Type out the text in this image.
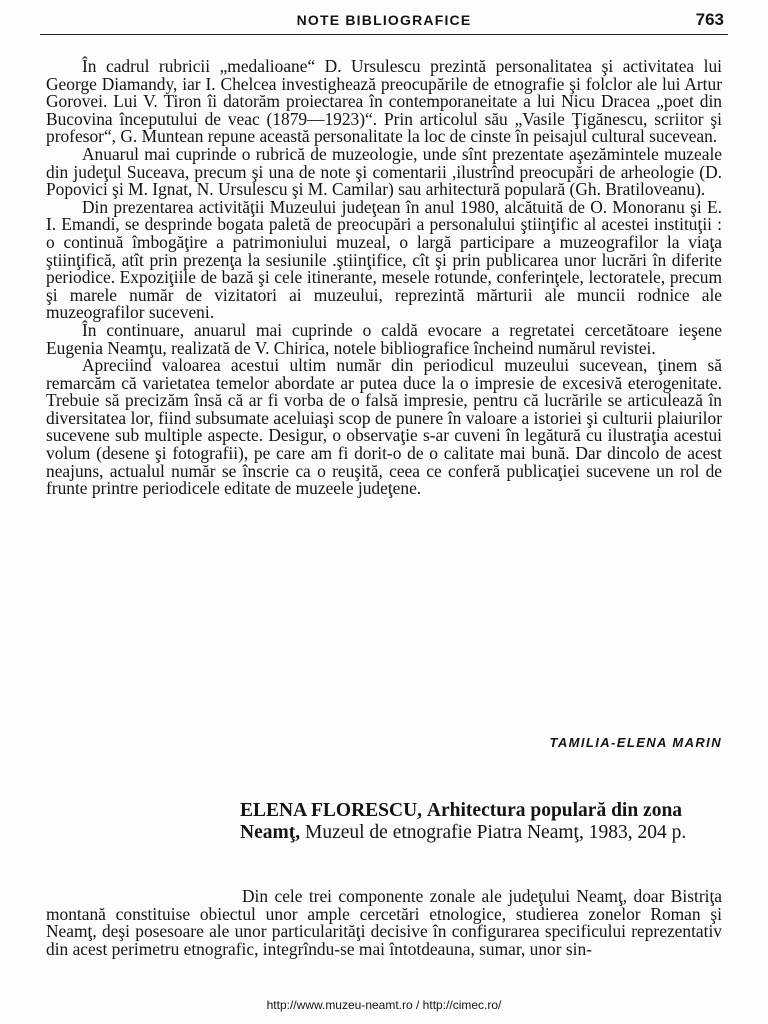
NOTE BIBLIOGRAFICE	763

În cadrul rubricii „medalioane“ D. Ursulescu prezintă personalitatea şi activitatea lui George Diamandy, iar I. Chelcea investighează preocupările de etnografie şi folclor ale lui Artur Gorovei. Lui V. Tiron îi datorăm proiectarea în contemporaneitate a lui Nicu Dracea „poet din Bucovina începutului de veac (1879—1923)“. Prin articolul său „Vasile Ţigănescu, scriitor şi profesor“, G. Muntean repune această personalitate la loc de cinste în peisajul cultural sucevean.

Anuarul mai cuprinde o rubrică de muzeologie, unde sînt prezentate aşezămintele muzeale din judeţul Suceava, precum şi una de note şi comentarii ,ilustrînd preocupări de arheologie (D. Popovici şi M. Ignat, N. Ursulescu şi M. Camilar) sau arhitectură populară (Gh. Bratiloveanu).

Din prezentarea activităţii Muzeului judeţean în anul 1980, alcătuită de O. Monoranu şi E. I. Emandi, se desprinde bogata paletă de preocupări a personalului ştiinţific al acestei instituţii : o continuă îmbogăţire a patrimoniului muzeal, o largă participare a muzeografilor la viaţa ştiinţifică, atît prin prezenţa la sesiunile .ştiinţifice, cît şi prin publicarea unor lucrări în diferite periodice. Expoziţiile de bază şi cele itinerante, mesele rotunde, conferinţele, lectoratele, precum şi marele număr de vizitatori ai muzeului, reprezintă mărturii ale muncii rodnice ale muzeografilor suceveni.

În continuare, anuarul mai cuprinde o caldă evocare a regretatei cercetătoare ieşene Eugenia Neamţu, realizată de V. Chirica, notele bibliografice încheind numărul revistei.

Apreciind valoarea acestui ultim număr din periodicul muzeului sucevean, ţinem să remarcăm că varietatea temelor abordate ar putea duce la o impresie de excesivă eterogenitate. Trebuie să precizăm însă că ar fi vorba de o falsă impresie, pentru că lucrările se articulează în diversitatea lor, fiind subsumate aceluiaşi scop de punere în valoare a istoriei şi culturii plaiurilor sucevene sub multiple aspecte. Desigur, o observaţie s-ar cuveni în legătură cu ilustraţia acestui volum (desene şi fotografii), pe care am fi dorit-o de o calitate mai bună. Dar dincolo de acest neajuns, actualul număr se înscrie ca o reuşită, ceea ce conferă publicaţiei sucevene un rol de frunte printre periodicele editate de muzeele judeţene.

TAMILIA-ELENA MARIN
ELENA FLORESCU, Arhitectura populară din zona Neamţ, Muzeul de etnografie Piatra Neamţ, 1983, 204 p.

Din cele trei componente zonale ale judeţului Neamţ, doar Bistriţa montană constituise obiectul unor ample cercetări etnologice, studierea zonelor Roman şi Neamţ, deşi posesoare ale unor particularităţi decisive în configurarea specificului reprezentativ din acest perimetru etnografic, integrîndu-se mai întotdeauna, sumar, unor sin-

http://www.muzeu-neamt.ro / http://cimec.ro/
